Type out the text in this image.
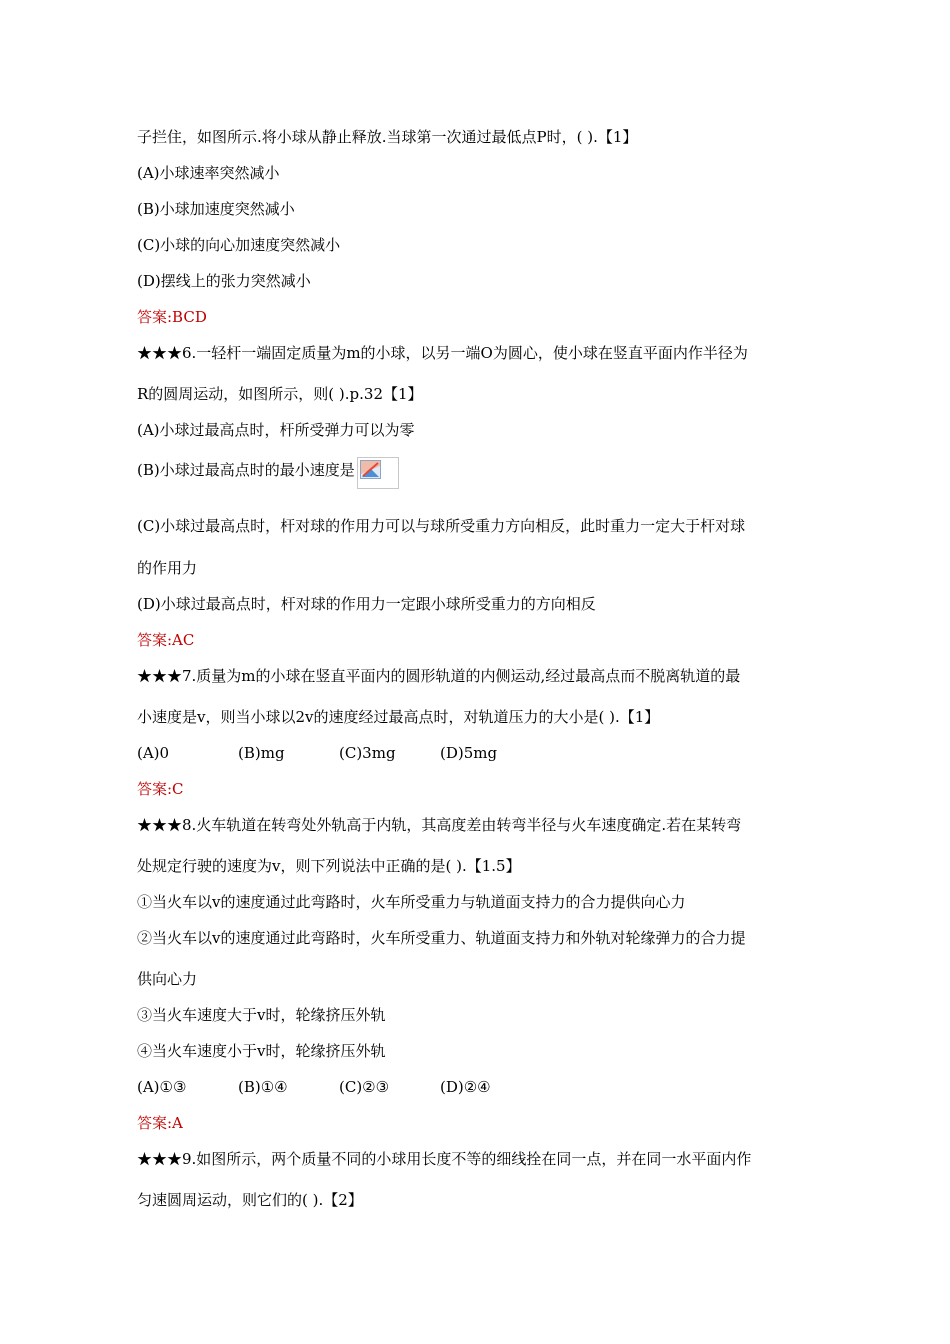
子拦住，如图所示.将小球从静止释放.当球第一次通过最低点P时，( ).【1】
(A)小球速率突然减小
(B)小球加速度突然减小
(C)小球的向心加速度突然减小
(D)摆线上的张力突然减小
答案:BCD
★★★6.一轻杆一端固定质量为m的小球，以另一端O为圆心，使小球在竖直平面内作半径为
R的圆周运动，如图所示，则( ).p.32【1】
(A)小球过最高点时，杆所受弹力可以为零
(B)小球过最高点时的最小速度是
(C)小球过最高点时，杆对球的作用力可以与球所受重力方向相反，此时重力一定大于杆对球
的作用力
(D)小球过最高点时，杆对球的作用力一定跟小球所受重力的方向相反
答案:AC
★★★7.质量为m的小球在竖直平面内的圆形轨道的内侧运动,经过最高点而不脱离轨道的最
小速度是v，则当小球以2v的速度经过最高点时，对轨道压力的大小是( ).【1】
(A)0	(B)mg	(C)3mg	(D)5mg
答案:C
★★★8.火车轨道在转弯处外轨高于内轨，其高度差由转弯半径与火车速度确定.若在某转弯
处规定行驶的速度为v，则下列说法中正确的是( ).【1.5】
①当火车以v的速度通过此弯路时，火车所受重力与轨道面支持力的合力提供向心力
②当火车以v的速度通过此弯路时，火车所受重力、轨道面支持力和外轨对轮缘弹力的合力提
供向心力
③当火车速度大于v时，轮缘挤压外轨
④当火车速度小于v时，轮缘挤压外轨
(A)①③	(B)①④	(C)②③	(D)②④
答案:A
★★★9.如图所示，两个质量不同的小球用长度不等的细线拴在同一点，并在同一水平面内作
匀速圆周运动，则它们的( ).【2】
